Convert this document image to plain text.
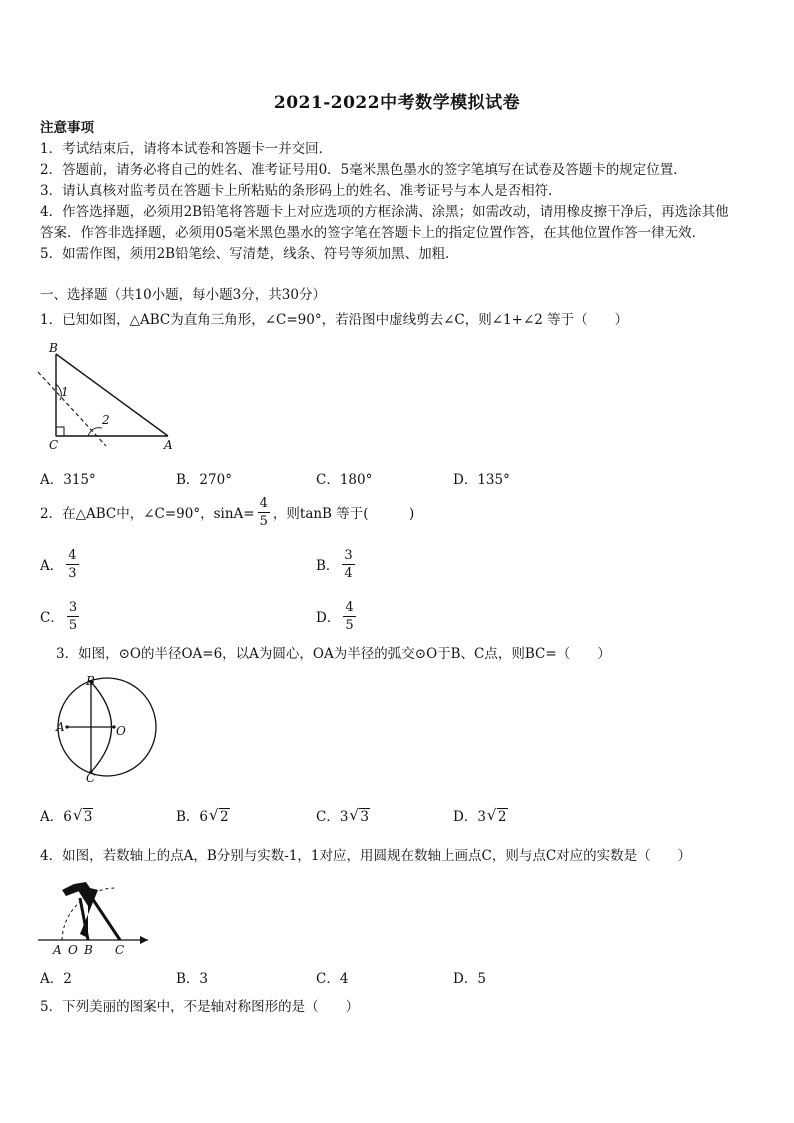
2021-2022中考数学模拟试卷
注意事项
1．考试结束后，请将本试卷和答题卡一并交回．
2．答题前，请务必将自己的姓名、准考证号用0．5毫米黑色墨水的签字笔填写在试卷及答题卡的规定位置．
3．请认真核对监考员在答题卡上所粘贴的条形码上的姓名、准考证号与本人是否相符．
4．作答选择题，必须用2B铅笔将答题卡上对应选项的方框涂满、涂黑；如需改动，请用橡皮擦干净后，再选涂其他
答案．作答非选择题，必须用05毫米黑色墨水的签字笔在答题卡上的指定位置作答，在其他位置作答一律无效．
5．如需作图，须用2B铅笔绘、写清楚，线条、符号等须加黑、加粗．
一、选择题（共10小题，每小题3分，共30分）
1．已知如图，△ABC为直角三角形，∠C=90°，若沿图中虚线剪去∠C，则∠1+∠2 等于（　　）
B
C	A
1
2
A．315°	B．270°	C．180°	D．135°
2．在△ABC中，∠C=90°，$\sin A= \frac{4}{5}$ ，则tanB 等于(　　　)
A． $\frac{4}{3}$	B． $\frac{3}{4}$
C． $\frac{3}{5}$	D． $\frac{4}{5}$
3．如图，⊙O的半径OA=6，以A为圆心，OA为半径的弧交⊙O于B、C点，则BC=（　　）
B
A	O
C
A．6 √ 3	B．6 √ 2	C．3 √ 3	D．3 √ 2
4．如图，若数轴上的点A，B分别与实数-1，1对应，用圆规在数轴上画点C，则与点C对应的实数是（　　）
A O B C
A．2	B．3	C．4	D．5
5．下列美丽的图案中，不是轴对称图形的是（　　）
